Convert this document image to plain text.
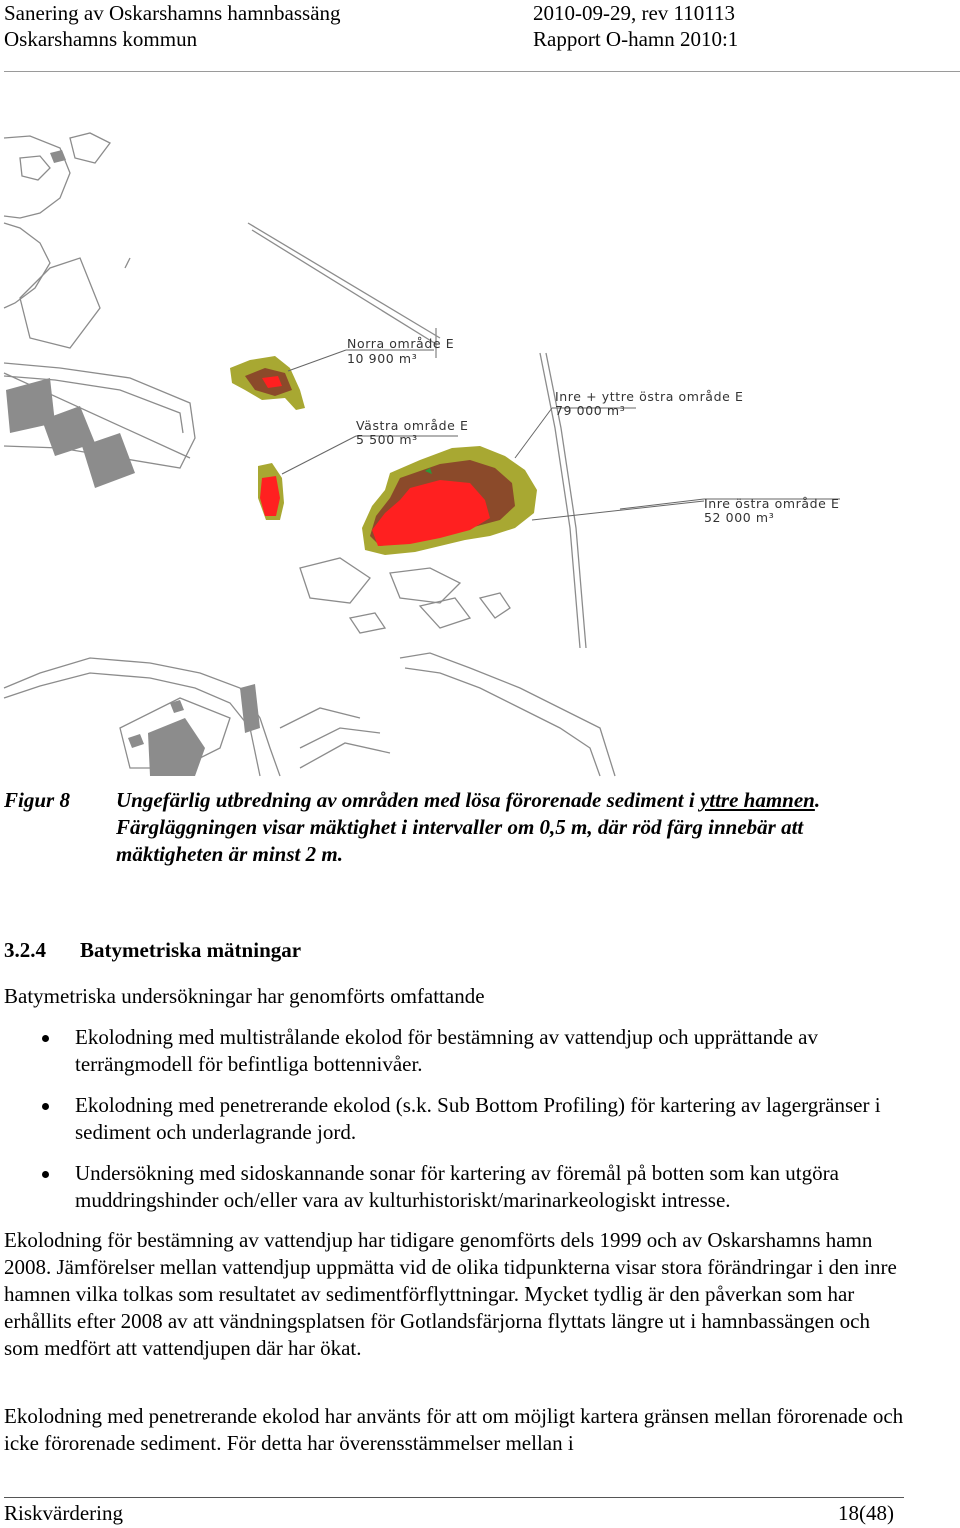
Sanering av Oskarshamns hamnbassäng
Oskarshamns kommun
2010-09-29, rev 110113
Rapport O-hamn 2010:1
Norra område E
10 900 m³
Västra område E
5 500 m³
Inre + yttre östra område E
79 000 m³
Inre östra område E
52 000 m³
Figur 8 Ungefärlig utbredning av områden med lösa förorenade sediment i yttre hamnen. Färgläggningen visar mäktighet i intervaller om 0,5 m, där röd färg innebär att mäktigheten är minst 2 m.
3.2.4 Batymetriska mätningar
Batymetriska undersökningar har genomförts omfattande
Ekolodning med multistrålande ekolod för bestämning av vattendjup och upprättande av terrängmodell för befintliga bottennivåer.
Ekolodning med penetrerande ekolod (s.k. Sub Bottom Profiling) för kartering av lagergränser i sediment och underlagrande jord.
Undersökning med sidoskannande sonar för kartering av föremål på botten som kan utgöra muddringshinder och/eller vara av kulturhistoriskt/marinarkeologiskt intresse.
Ekolodning för bestämning av vattendjup har tidigare genomförts dels 1999 och av Oskarshamns hamn 2008. Jämförelser mellan vattendjup uppmätta vid de olika tidpunkterna visar stora förändringar i den inre hamnen vilka tolkas som resultatet av sedimentförflyttningar. Mycket tydlig är den påverkan som har erhållits efter 2008 av att vändningsplatsen för Gotlandsfärjorna flyttats längre ut i hamnbassängen och som medfört att vattendjupen där har ökat.
Ekolodning med penetrerande ekolod har använts för att om möjligt kartera gränsen mellan förorenade och icke förorenade sediment. För detta har överensstämmelser mellan i
Riskvärdering	18(48)
